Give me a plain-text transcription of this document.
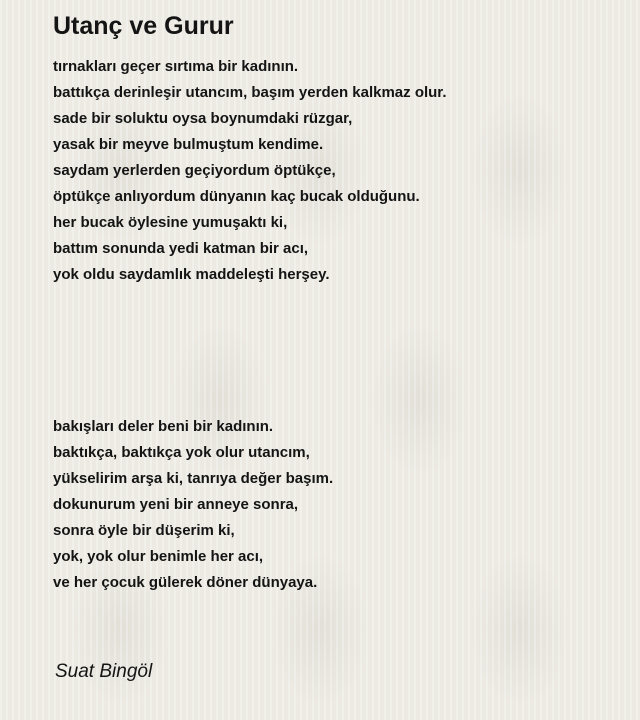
Utanç ve Gurur
tırnakları geçer sırtıma bir kadının.
battıkça derinleşir utancım, başım yerden kalkmaz olur.
sade bir soluktu oysa boynumdaki rüzgar,
yasak bir meyve bulmuştum kendime.
saydam yerlerden geçiyordum öptükçe,
öptükçe anlıyordum dünyanın kaç bucak olduğunu.
her bucak öylesine yumuşaktı ki,
battım sonunda yedi katman bir acı,
yok oldu saydamlık maddeleşti herşey.
bakışları deler beni bir kadının.
baktıkça, baktıkça yok olur utancım,
yükselirim arşa ki, tanrıya değer başım.
dokunurum yeni bir anneye sonra,
sonra öyle bir düşerim ki,
yok, yok olur benimle her acı,
ve her çocuk gülerek döner dünyaya.
Suat Bingöl
